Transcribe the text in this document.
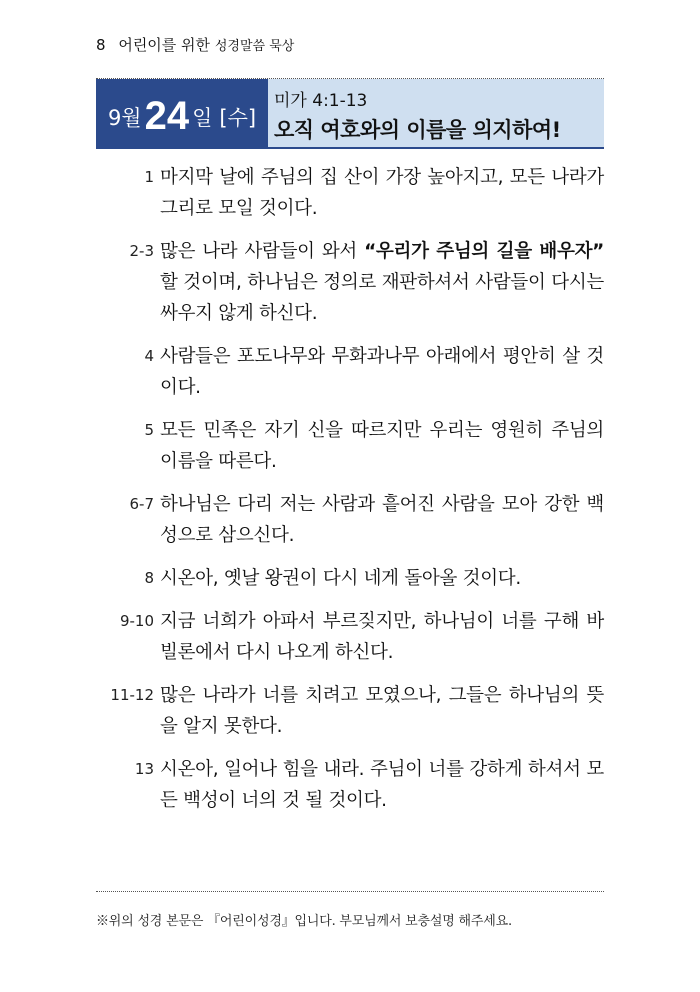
8 어린이를 위한 성경말씀 묵상
9월 24 일 [수]
미가 4:1-13
오직 여호와의 이름을 의지하여!
1 마지막 날에 주님의 집 산이 가장 높아지고, 모든 나라가 그리로 모일 것이다.
2-3 많은 나라 사람들이 와서 “우리가 주님의 길을 배우자” 할 것이며, 하나님은 정의로 재판하셔서 사람들이 다시는 싸우지 않게 하신다.
4 사람들은 포도나무와 무화과나무 아래에서 평안히 살 것이다.
5 모든 민족은 자기 신을 따르지만 우리는 영원히 주님의 이름을 따른다.
6-7 하나님은 다리 저는 사람과 흩어진 사람을 모아 강한 백성으로 삼으신다.
8 시온아, 옛날 왕권이 다시 네게 돌아올 것이다.
9-10 지금 너희가 아파서 부르짖지만, 하나님이 너를 구해 바빌론에서 다시 나오게 하신다.
11-12 많은 나라가 너를 치려고 모였으나, 그들은 하나님의 뜻을 알지 못한다.
13 시온아, 일어나 힘을 내라. 주님이 너를 강하게 하셔서 모든 백성이 너의 것 될 것이다.
※위의 성경 본문은 『어린이성경』입니다. 부모님께서 보충설명 해주세요.
